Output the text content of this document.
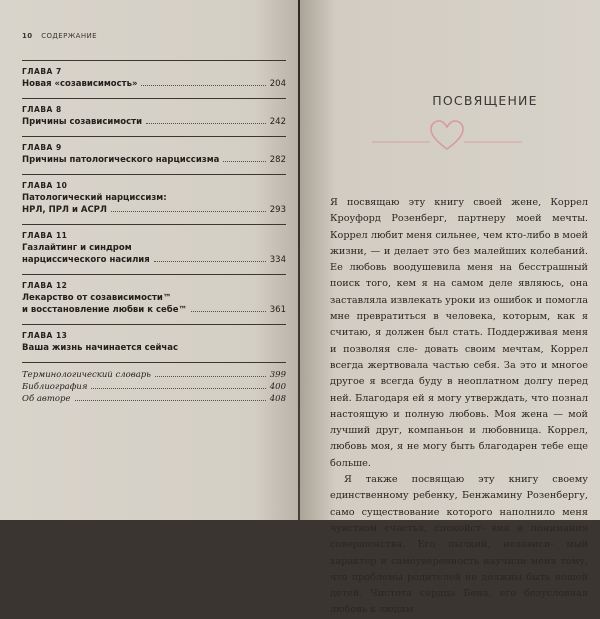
10 СОДЕРЖАНИЕ
ГЛАВА 7
Новая «созависимость»	204
ГЛАВА 8
Причины созависимости	242
ГЛАВА 9
Причины патологического нарциссизма	282
ГЛАВА 10
Патологический нарциссизм:
НРЛ, ПРЛ и АСРЛ	293
ГЛАВА 11
Газлайтинг и синдром
нарциссического насилия	334
ГЛАВА 12
Лекарство от созависимости™
и восстановление любви к себе™	361
ГЛАВА 13
Ваша жизнь начинается сейчас
Терминологический словарь	399
Библиография	400
Об авторе	408
ПОСВЯЩЕНИЕ

Я посвящаю эту книгу своей жене, Коррел Кроуфорд Розенберг, партнеру моей мечты. Коррел любит меня сильнее, чем кто-либо в моей жизни, — и делает это без малейших колебаний. Ее любовь воодушевила меня на бесстрашный поиск того, кем я на самом деле являюсь, она заставляла извлекать уроки из ошибок и помогла мне превратиться в человека, которым, как я считаю, я должен был стать. Поддерживая меня и позволяя сле- довать своим мечтам, Коррел всегда жертвовала частью себя. За это и многое другое я всегда буду в неоплатном долгу перед ней. Благодаря ей я могу утверждать, что познал настоящую и полную любовь. Моя жена — мой лучший друг, компаньон и любовница. Коррел, любовь моя, я не могу быть благодарен тебе еще больше.

Я также посвящаю эту книгу своему единственному ребенку, Бенжамину Розенбергу, само существование которого наполнило меня чувством счастья, спокойст- вия и понимания совершенства. Его пылкий, независи- мый характер и самоуверенность научили меня тому, что проблемы родителей не должны быть ношей детей. Чистота сердца Бена, его безусловная любовь к людям
